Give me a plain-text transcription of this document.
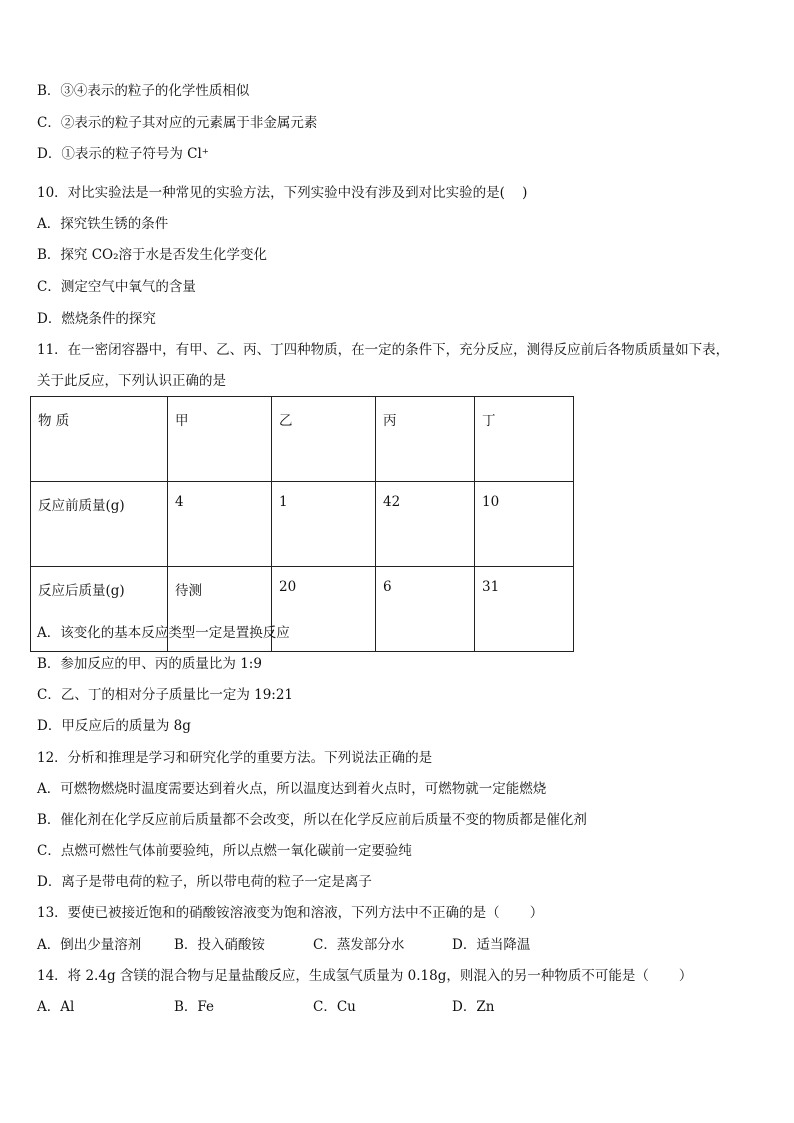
B．③④表示的粒子的化学性质相似
C．②表示的粒子其对应的元素属于非金属元素
D．①表示的粒子符号为 Cl⁺
10．对比实验法是一种常见的实验方法，下列实验中没有涉及到对比实验的是(    )
A．探究铁生锈的条件
B．探究 CO₂溶于水是否发生化学变化
C．测定空气中氧气的含量
D．燃烧条件的探究
11．在一密闭容器中，有甲、乙、丙、丁四种物质，在一定的条件下，充分反应，测得反应前后各物质质量如下表，
关于此反应，下列认识正确的是
物 质	甲	乙	丙	丁
反应前质量(g)	4	1	42	10
反应后质量(g)	待测	20	6	31
A．该变化的基本反应类型一定是置换反应
B．参加反应的甲、丙的质量比为 1:9
C．乙、丁的相对分子质量比一定为 19:21
D．甲反应后的质量为 8g
12．分析和推理是学习和研究化学的重要方法。下列说法正确的是
A．可燃物燃烧时温度需要达到着火点，所以温度达到着火点时，可燃物就一定能燃烧
B．催化剂在化学反应前后质量都不会改变，所以在化学反应前后质量不变的物质都是催化剂
C．点燃可燃性气体前要验纯，所以点燃一氧化碳前一定要验纯
D．离子是带电荷的粒子，所以带电荷的粒子一定是离子
13．要使已被接近饱和的硝酸铵溶液变为饱和溶液，下列方法中不正确的是（       ）
A．倒出少量溶剂 B．投入硝酸铵	C．蒸发部分水	D．适当降温
14．将 2.4g 含镁的混合物与足量盐酸反应，生成氢气质量为 0.18g，则混入的另一种物质不可能是（       ）
A．Al	B．Fe	C．Cu	D．Zn
